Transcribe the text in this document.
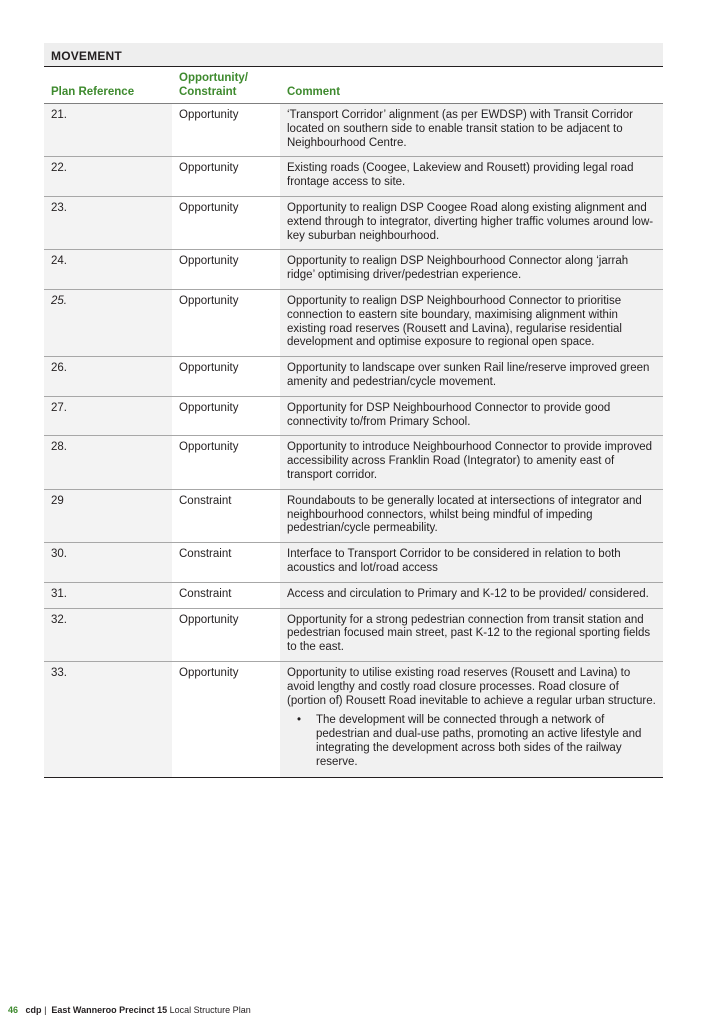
MOVEMENT
Plan Reference	Opportunity/ Constraint	Comment
21.	Opportunity	‘Transport Corridor’ alignment (as per EWDSP) with Transit Corridor located on southern side to enable transit station to be adjacent to Neighbourhood Centre.

22.	Opportunity	Existing roads (Coogee, Lakeview and Rousett) providing legal road frontage access to site.

23.	Opportunity	Opportunity to realign DSP Coogee Road along existing alignment and extend through to integrator, diverting higher traffic volumes around low-key suburban neighbourhood.

24.	Opportunity	Opportunity to realign DSP Neighbourhood Connector along ‘jarrah ridge’ optimising driver/pedestrian experience.

25.	Opportunity	Opportunity to realign DSP Neighbourhood Connector to prioritise connection to eastern site boundary, maximising alignment within existing road reserves (Rousett and Lavina), regularise residential development and optimise exposure to regional open space.

26.	Opportunity	Opportunity to landscape over sunken Rail line/reserve improved green amenity and pedestrian/cycle movement.

27.	Opportunity	Opportunity for DSP Neighbourhood Connector to provide good connectivity to/from Primary School.

28.	Opportunity	Opportunity to introduce Neighbourhood Connector to provide improved accessibility across Franklin Road (Integrator) to amenity east of transport corridor.

29	Constraint	Roundabouts to be generally located at intersections of integrator and neighbourhood connectors, whilst being mindful of impeding pedestrian/cycle permeability.

30.	Constraint	Interface to Transport Corridor to be considered in relation to both acoustics and lot/road access

31.	Constraint	Access and circulation to Primary and K-12 to be provided/ considered.

32.	Opportunity	Opportunity for a strong pedestrian connection from transit station and pedestrian focused main street, past K-12 to the regional sporting fields to the east.

33.	Opportunity	Opportunity to utilise existing road reserves (Rousett and Lavina) to avoid lengthy and costly road closure processes. Road closure of (portion of) Rousett Road inevitable to achieve a regular urban structure.
• The development will be connected through a network of pedestrian and dual-use paths, promoting an active lifestyle and integrating the development across both sides of the railway reserve.
46 cdp | East Wanneroo Precinct 15 Local Structure Plan
